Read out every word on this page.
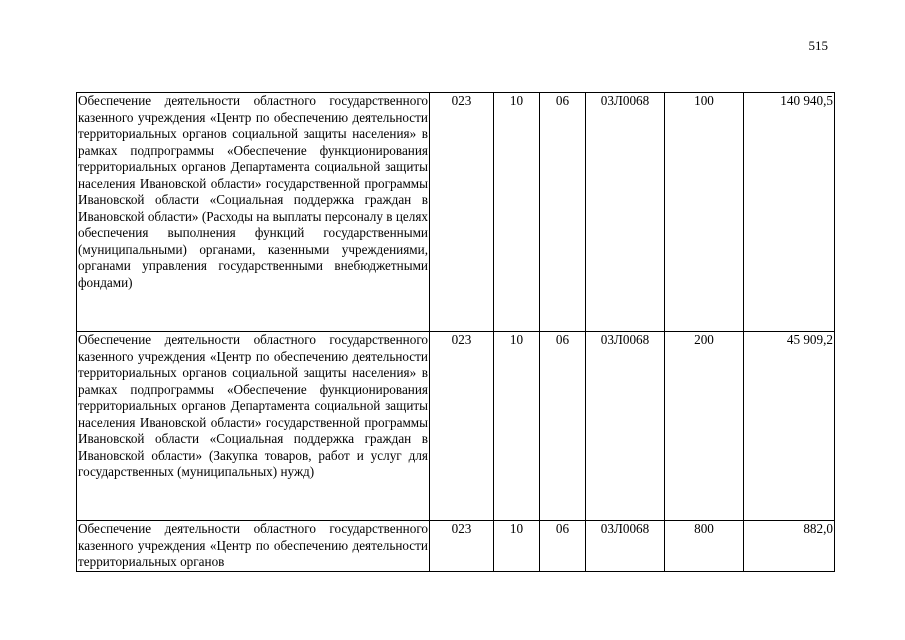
515
Обеспечение деятельности областного государственного казенного учреждения «Центр по обеспечению деятельности территориальных органов социальной защиты населения» в рамках подпрограммы «Обеспечение функционирования территориальных органов Департамента социальной защиты населения Ивановской области» государственной программы Ивановской области «Социальная поддержка граждан в Ивановской области» (Расходы на выплаты персоналу в целях обеспечения выполнения функций государственными (муниципальными) органами, казенными учреждениями, органами управления государственными внебюджетными фондами)	023	10	06	03Л0068	100	140 940,5
Обеспечение деятельности областного государственного казенного учреждения «Центр по обеспечению деятельности территориальных органов социальной защиты населения» в рамках подпрограммы «Обеспечение функционирования территориальных органов Департамента социальной защиты населения Ивановской области» государственной программы Ивановской области «Социальная поддержка граждан в Ивановской области» (Закупка товаров, работ и услуг для государственных (муниципальных) нужд)	023	10	06	03Л0068	200	45 909,2
Обеспечение деятельности областного государственного казенного учреждения «Центр по обеспечению деятельности территориальных органов	023	10	06	03Л0068	800	882,0
